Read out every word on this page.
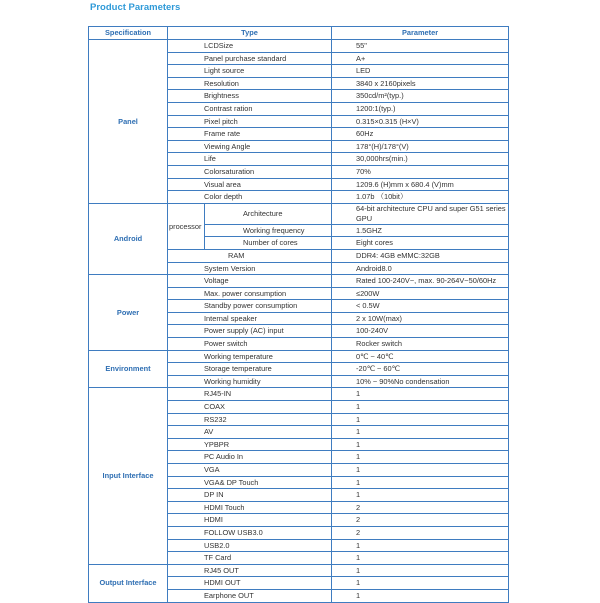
Product Parameters
Specification	Type		Parameter
Panel	LCDSize		55"
	Panel purchase standard		A+
	Light source		LED
	Resolution		3840 x 2160pixels
	Brightness		350cd/m²(typ.)
	Contrast ration		1200:1(typ.)
	Pixel pitch		0.315×0.315 (H×V)
	Frame rate		60Hz
	Viewing Angle		178°(H)/178°(V)
	Life		30,000hrs(min.)
	Colorsaturation		70%
	Visual area		1209.6 (H)mm x 680.4 (V)mm
	Color depth		1.07b （10bit）
Android	processor	Architecture	64-bit architecture CPU and super G51 series GPU
		Working frequency	1.5GHZ
		Number of cores	Eight cores
	RAM		DDR4: 4GB eMMC:32GB
	System Version		Android8.0
Power	Voltage		Rated 100-240V~, max. 90-264V~50/60Hz
	Max. power consumption		≤200W
	Standby power consumption		< 0.5W
	Internal speaker		2 x 10W(max)
	Power supply (AC) input		100-240V
	Power switch		Rocker switch
Environment	Working temperature		0℃ ~ 40℃
	Storage temperature		-20℃ ~ 60℃
	Working humidity		10% ~ 90%No condensation
Input Interface	RJ45-IN		1
	COAX		1
	RS232		1
	AV		1
	YPBPR		1
	PC Audio In		1
	VGA		1
	VGA& DP Touch		1
	DP IN		1
	HDMI Touch		2
	HDMI		2
	FOLLOW USB3.0		2
	USB2.0		1
	TF Card		1
Output Interface	RJ45 OUT		1
	HDMI OUT		1
	Earphone OUT		1
